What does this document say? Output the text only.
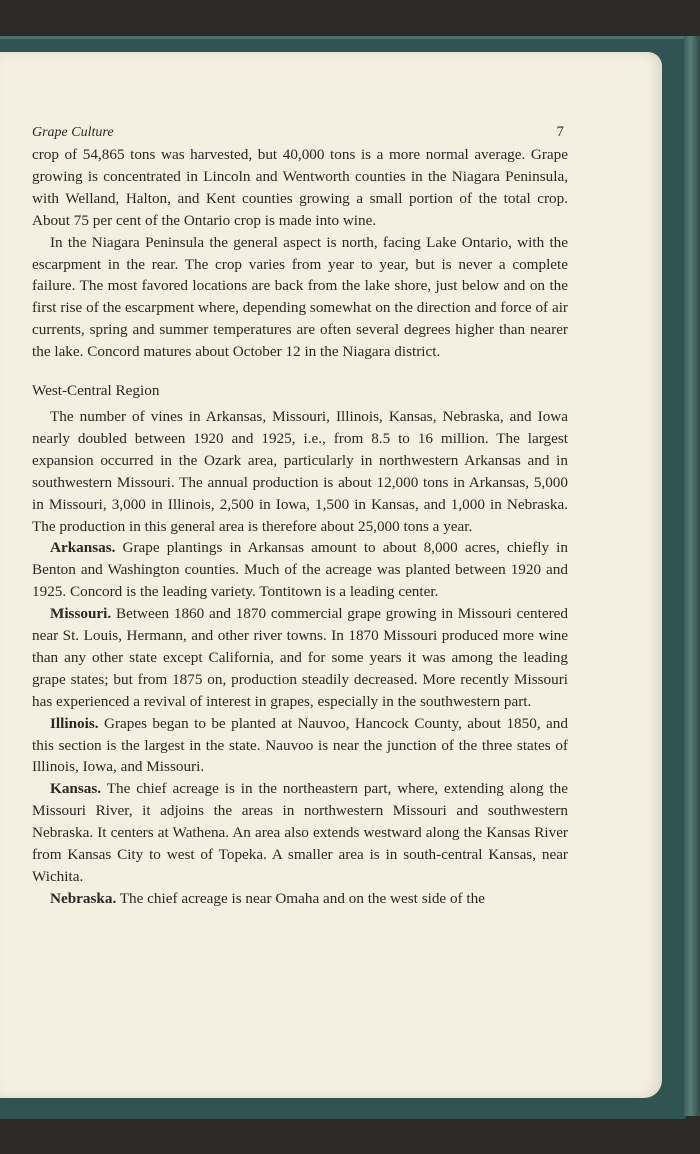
Grape Culture	7

crop of 54,865 tons was harvested, but 40,000 tons is a more normal average. Grape growing is concentrated in Lincoln and Wentworth counties in the Niagara Peninsula, with Welland, Halton, and Kent counties growing a small portion of the total crop. About 75 per cent of the Ontario crop is made into wine.

In the Niagara Peninsula the general aspect is north, facing Lake Ontario, with the escarpment in the rear. The crop varies from year to year, but is never a complete failure. The most favored locations are back from the lake shore, just below and on the first rise of the escarpment where, depending somewhat on the direction and force of air currents, spring and summer temperatures are often several degrees higher than nearer the lake. Concord matures about October 12 in the Niagara district.

West-Central Region

The number of vines in Arkansas, Missouri, Illinois, Kansas, Nebraska, and Iowa nearly doubled between 1920 and 1925, i.e., from 8.5 to 16 million. The largest expansion occurred in the Ozark area, particularly in northwestern Arkansas and in southwestern Missouri. The annual production is about 12,000 tons in Arkansas, 5,000 in Missouri, 3,000 in Illinois, 2,500 in Iowa, 1,500 in Kansas, and 1,000 in Nebraska. The production in this general area is therefore about 25,000 tons a year.

Arkansas. Grape plantings in Arkansas amount to about 8,000 acres, chiefly in Benton and Washington counties. Much of the acreage was planted between 1920 and 1925. Concord is the leading variety. Tontitown is a leading center.

Missouri. Between 1860 and 1870 commercial grape growing in Missouri centered near St. Louis, Hermann, and other river towns. In 1870 Missouri produced more wine than any other state except California, and for some years it was among the leading grape states; but from 1875 on, production steadily decreased. More recently Missouri has experienced a revival of interest in grapes, especially in the southwestern part.

Illinois. Grapes began to be planted at Nauvoo, Hancock County, about 1850, and this section is the largest in the state. Nauvoo is near the junction of the three states of Illinois, Iowa, and Missouri.

Kansas. The chief acreage is in the northeastern part, where, extending along the Missouri River, it adjoins the areas in northwestern Missouri and southwestern Nebraska. It centers at Wathena. An area also extends westward along the Kansas River from Kansas City to west of Topeka. A smaller area is in south-central Kansas, near Wichita.

Nebraska. The chief acreage is near Omaha and on the west side of the
